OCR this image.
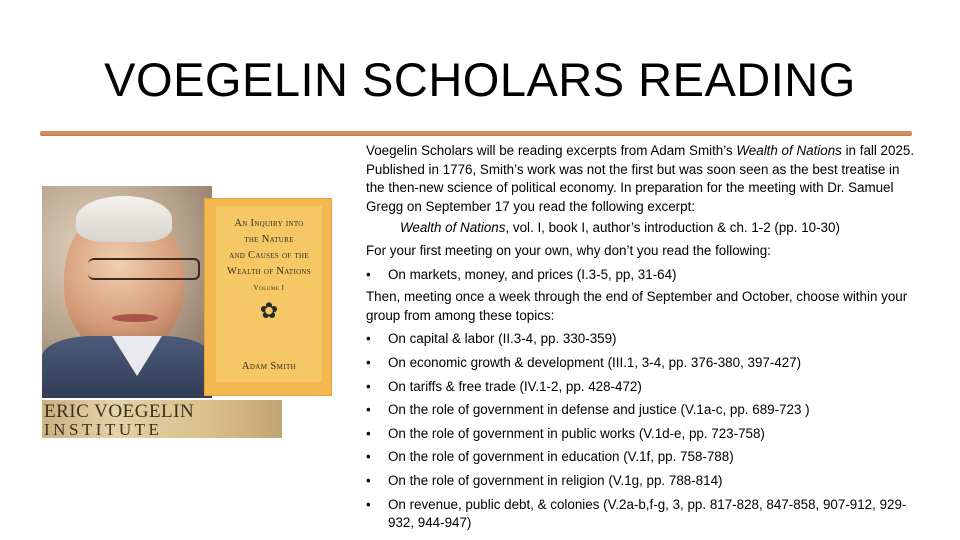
VOEGELIN SCHOLARS READING
An Inquiry into
the Nature
and Causes of the
Wealth of Nations
Volume I
✿
Adam Smith
ERIC VOEGELIN
INSTITUTE

Voegelin Scholars will be reading excerpts from Adam Smith’s Wealth of Nations in fall 2025. Published in 1776, Smith’s work was not the first but was soon seen as the best treatise in the then-new science of political economy. In preparation for the meeting with Dr. Samuel Gregg on September 17 you read the following excerpt:

Wealth of Nations, vol. I, book I, author’s introduction & ch. 1-2 (pp. 10-30)

For your first meeting on your own, why don’t you read the following:

• On markets, money, and prices (I.3-5, pp, 31-64)

Then, meeting once a week through the end of September and October, choose within your group from among these topics:

• On capital & labor (II.3-4, pp. 330-359)
• On economic growth & development (III.1, 3-4, pp. 376-380, 397-427)
• On tariffs & free trade (IV.1-2, pp. 428-472)
• On the role of government in defense and justice (V.1a-c, pp. 689-723 )
• On the role of government in public works (V.1d-e, pp. 723-758)
• On the role of government in education (V.1f, pp. 758-788)
• On the role of government in religion (V.1g, pp. 788-814)
• On revenue, public debt, & colonies (V.2a-b,f-g, 3, pp. 817-828, 847-858, 907-912, 929-932, 944-947)
